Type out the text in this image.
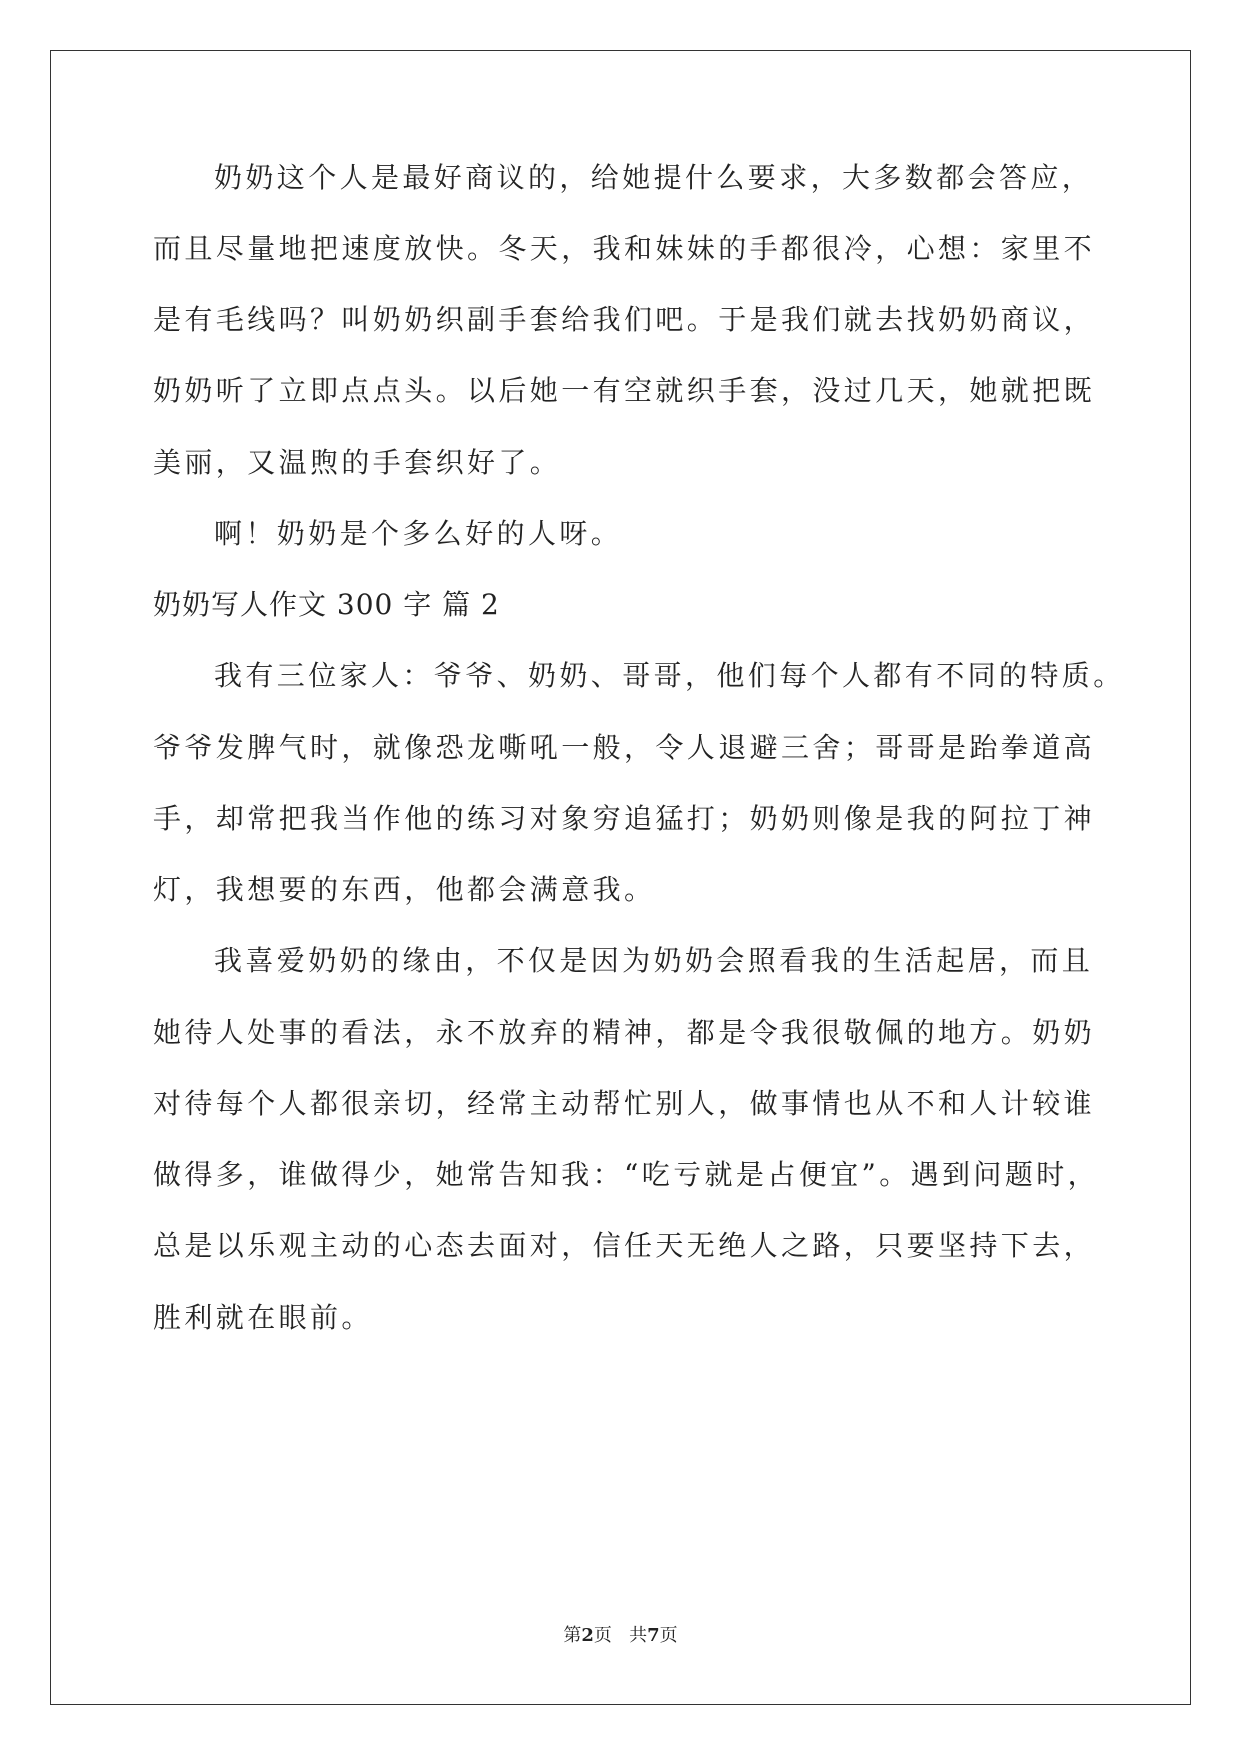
奶奶这个人是最好商议的，给她提什么要求，大多数都会答应，
而且尽量地把速度放快。冬天，我和妹妹的手都很冷，心想：家里不
是有毛线吗？叫奶奶织副手套给我们吧。于是我们就去找奶奶商议，
奶奶听了立即点点头。以后她一有空就织手套，没过几天，她就把既
美丽，又温煦的手套织好了。
啊！奶奶是个多么好的人呀。
奶奶写人作文 300 字 篇 2
我有三位家人：爷爷、奶奶、哥哥，他们每个人都有不同的特质。
爷爷发脾气时，就像恐龙嘶吼一般，令人退避三舍；哥哥是跆拳道高
手，却常把我当作他的练习对象穷追猛打；奶奶则像是我的阿拉丁神
灯，我想要的东西，他都会满意我。
我喜爱奶奶的缘由，不仅是因为奶奶会照看我的生活起居，而且
她待人处事的看法，永不放弃的精神，都是令我很敬佩的地方。奶奶
对待每个人都很亲切，经常主动帮忙别人，做事情也从不和人计较谁
做得多，谁做得少，她常告知我：“吃亏就是占便宜”。遇到问题时，
总是以乐观主动的心态去面对，信任天无绝人之路，只要坚持下去，
胜利就在眼前。
第2页   共7页
